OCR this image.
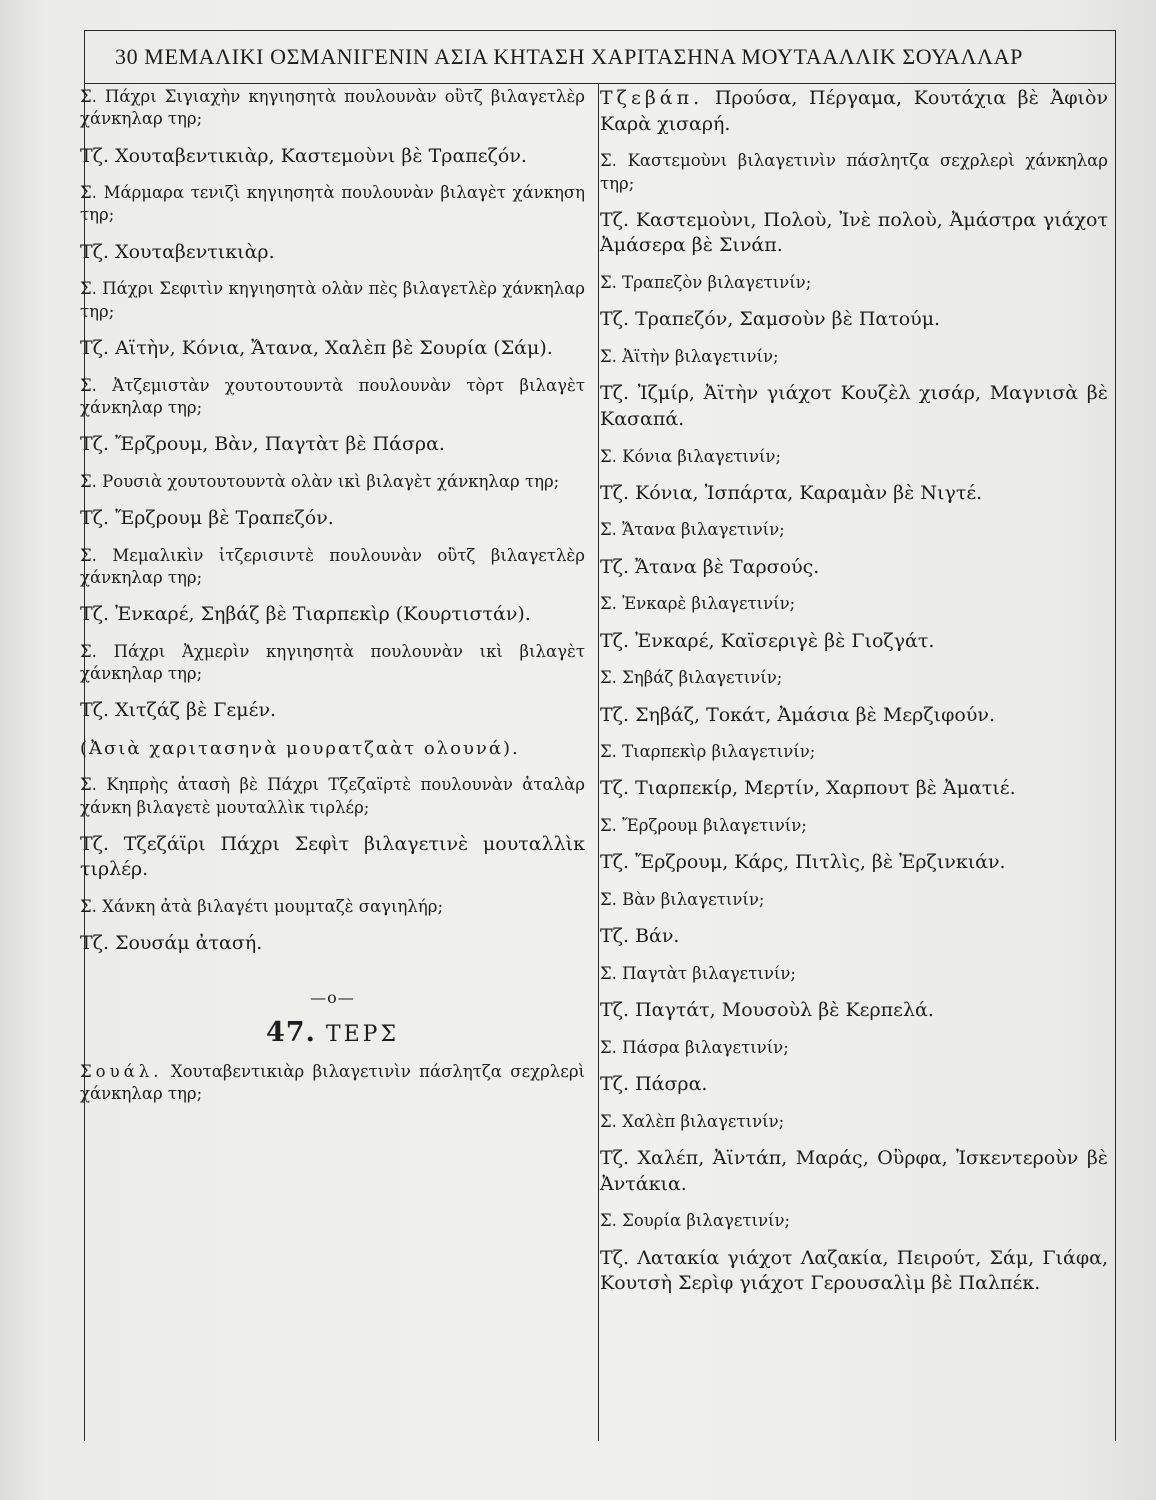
30 ΜΕΜΑΛΙΚΙ ΟΣΜΑΝΙΓΕΝΙΝ ΑΣΙΑ ΚΗΤΑΣΗ ΧΑΡΙΤΑΣΗΝΑ ΜΟΥΤΑΑΛΛΙΚ ΣΟΥΑΛΛΑΡ

Σ. Πάχρι Σιγιαχὴν κηγιησητὰ πουλουνὰν οὒτζ βιλαγετλὲρ χάνκηλαρ τηρ;

Τζ. Χουταβεντικιὰρ, Καστεμοὺνι βὲ Τραπεζόν.

Σ. Μάρμαρα τενιζὶ κηγιησητὰ πουλουνὰν βιλαγὲτ χάνκηση τηρ;

Τζ. Χουταβεντικιὰρ.

Σ. Πάχρι Σεφιτὶν κηγιησητὰ ολὰν πὲς βιλαγετλὲρ χάνκηλαρ τηρ;

Τζ. Αϊτὴν, Κόνια, Ἄτανα, Χαλὲπ βὲ Σουρία (Σάμ).

Σ. Ἀτζεμιστὰν χουτουτουντὰ πουλουνὰν τὸρτ βιλαγὲτ χάνκηλαρ τηρ;

Τζ. Ἔρζρουμ, Βὰν, Παγτὰτ βὲ Πάσρα.

Σ. Ρουσιὰ χουτουτουντὰ ολὰν ικὶ βιλαγὲτ χάνκηλαρ τηρ;

Τζ. Ἔρζρουμ βὲ Τραπεζόν.

Σ. Μεμαλικὶν ἰτζερισιντὲ πουλουνὰν οὒτζ βιλαγετλὲρ χάνκηλαρ τηρ;

Τζ. Ἐνκαρέ, Σηβάζ βὲ Τιαρπεκὶρ (Κουρτιστάν).

Σ. Πάχρι Ἀχμερὶν κηγιησητὰ πουλουνὰν ικὶ βιλαγὲτ χάνκηλαρ τηρ;

Τζ. Χιτζάζ βὲ Γεμέν.

(Ἀσιὰ χαριτασηνὰ μουρατζαὰτ ολουνά).

Σ. Κηπρὴς ἀτασὴ βὲ Πάχρι Τζεζαϊρτὲ πουλουνὰν ἀταλὰρ χάνκη βιλαγετὲ μουταλλὶκ τιρλέρ;

Τζ. Τζεζάϊρι Πάχρι Σεφὶτ βιλαγετινὲ μουταλλὶκ τιρλέρ.

Σ. Χάνκη ἀτὰ βιλαγέτι μουμταζὲ σαγιηλήρ;

Τζ. Σουσάμ ἀτασή.

—ο—
47. ΤΕΡΣ

Σουάλ. Χουταβεντικιὰρ βιλαγετινὶν πάσλητζα σεχρλερὶ χάνκηλαρ τηρ;

Τζεβάπ. Προύσα, Πέργαμα, Κουτάχια βὲ Ἀφιὸν Καρὰ χισαρή.

Σ. Καστεμοὺνι βιλαγετινὶν πάσλητζα σεχρλερὶ χάνκηλαρ τηρ;

Τζ. Καστεμοὺνι, Πολοὺ, Ἰνὲ πολοὺ, Ἀμάστρα γιάχοτ Ἀμάσερα βὲ Σινάπ.

Σ. Τραπεζὸν βιλαγετινίν;

Τζ. Τραπεζόν, Σαμσοὺν βὲ Πατούμ.

Σ. Ἀϊτὴν βιλαγετινίν;

Τζ. Ἰζμίρ, Ἀϊτὴν γιάχοτ Κουζὲλ χισάρ, Μαγνισὰ βὲ Κασαπά.

Σ. Κόνια βιλαγετινίν;

Τζ. Κόνια, Ἰσπάρτα, Καραμὰν βὲ Νιγτέ.

Σ. Ἄτανα βιλαγετινίν;

Τζ. Ἄτανα βὲ Ταρσούς.

Σ. Ἐνκαρὲ βιλαγετινίν;

Τζ. Ἐνκαρέ, Καϊσεριγὲ βὲ Γιοζγάτ.

Σ. Σηβάζ βιλαγετινίν;

Τζ. Σηβάζ, Τοκάτ, Ἀμάσια βὲ Μερζιφούν.

Σ. Τιαρπεκὶρ βιλαγετινίν;

Τζ. Τιαρπεκίρ, Μερτίν, Χαρπουτ βὲ Ἀματιέ.

Σ. Ἔρζρουμ βιλαγετινίν;

Τζ. Ἔρζρουμ, Κάρς, Πιτλὶς, βὲ Ἐρζινκιάν.

Σ. Βὰν βιλαγετινίν;

Τζ. Βάν.

Σ. Παγτὰτ βιλαγετινίν;

Τζ. Παγτάτ, Μουσοὺλ βὲ Κερπελά.

Σ. Πάσρα βιλαγετινίν;

Τζ. Πάσρα.

Σ. Χαλὲπ βιλαγετινίν;

Τζ. Χαλέπ, Ἀϊντάπ, Μαράς, Οὒρφα, Ἰσκεντεροὺν βὲ Ἀντάκια.

Σ. Σουρία βιλαγετινίν;

Τζ. Λατακία γιάχοτ Λαζακία, Πειρούτ, Σάμ, Γιάφα, Κουτσὴ Σερὶφ γιάχοτ Γερουσαλὶμ βὲ Παλπέκ.
